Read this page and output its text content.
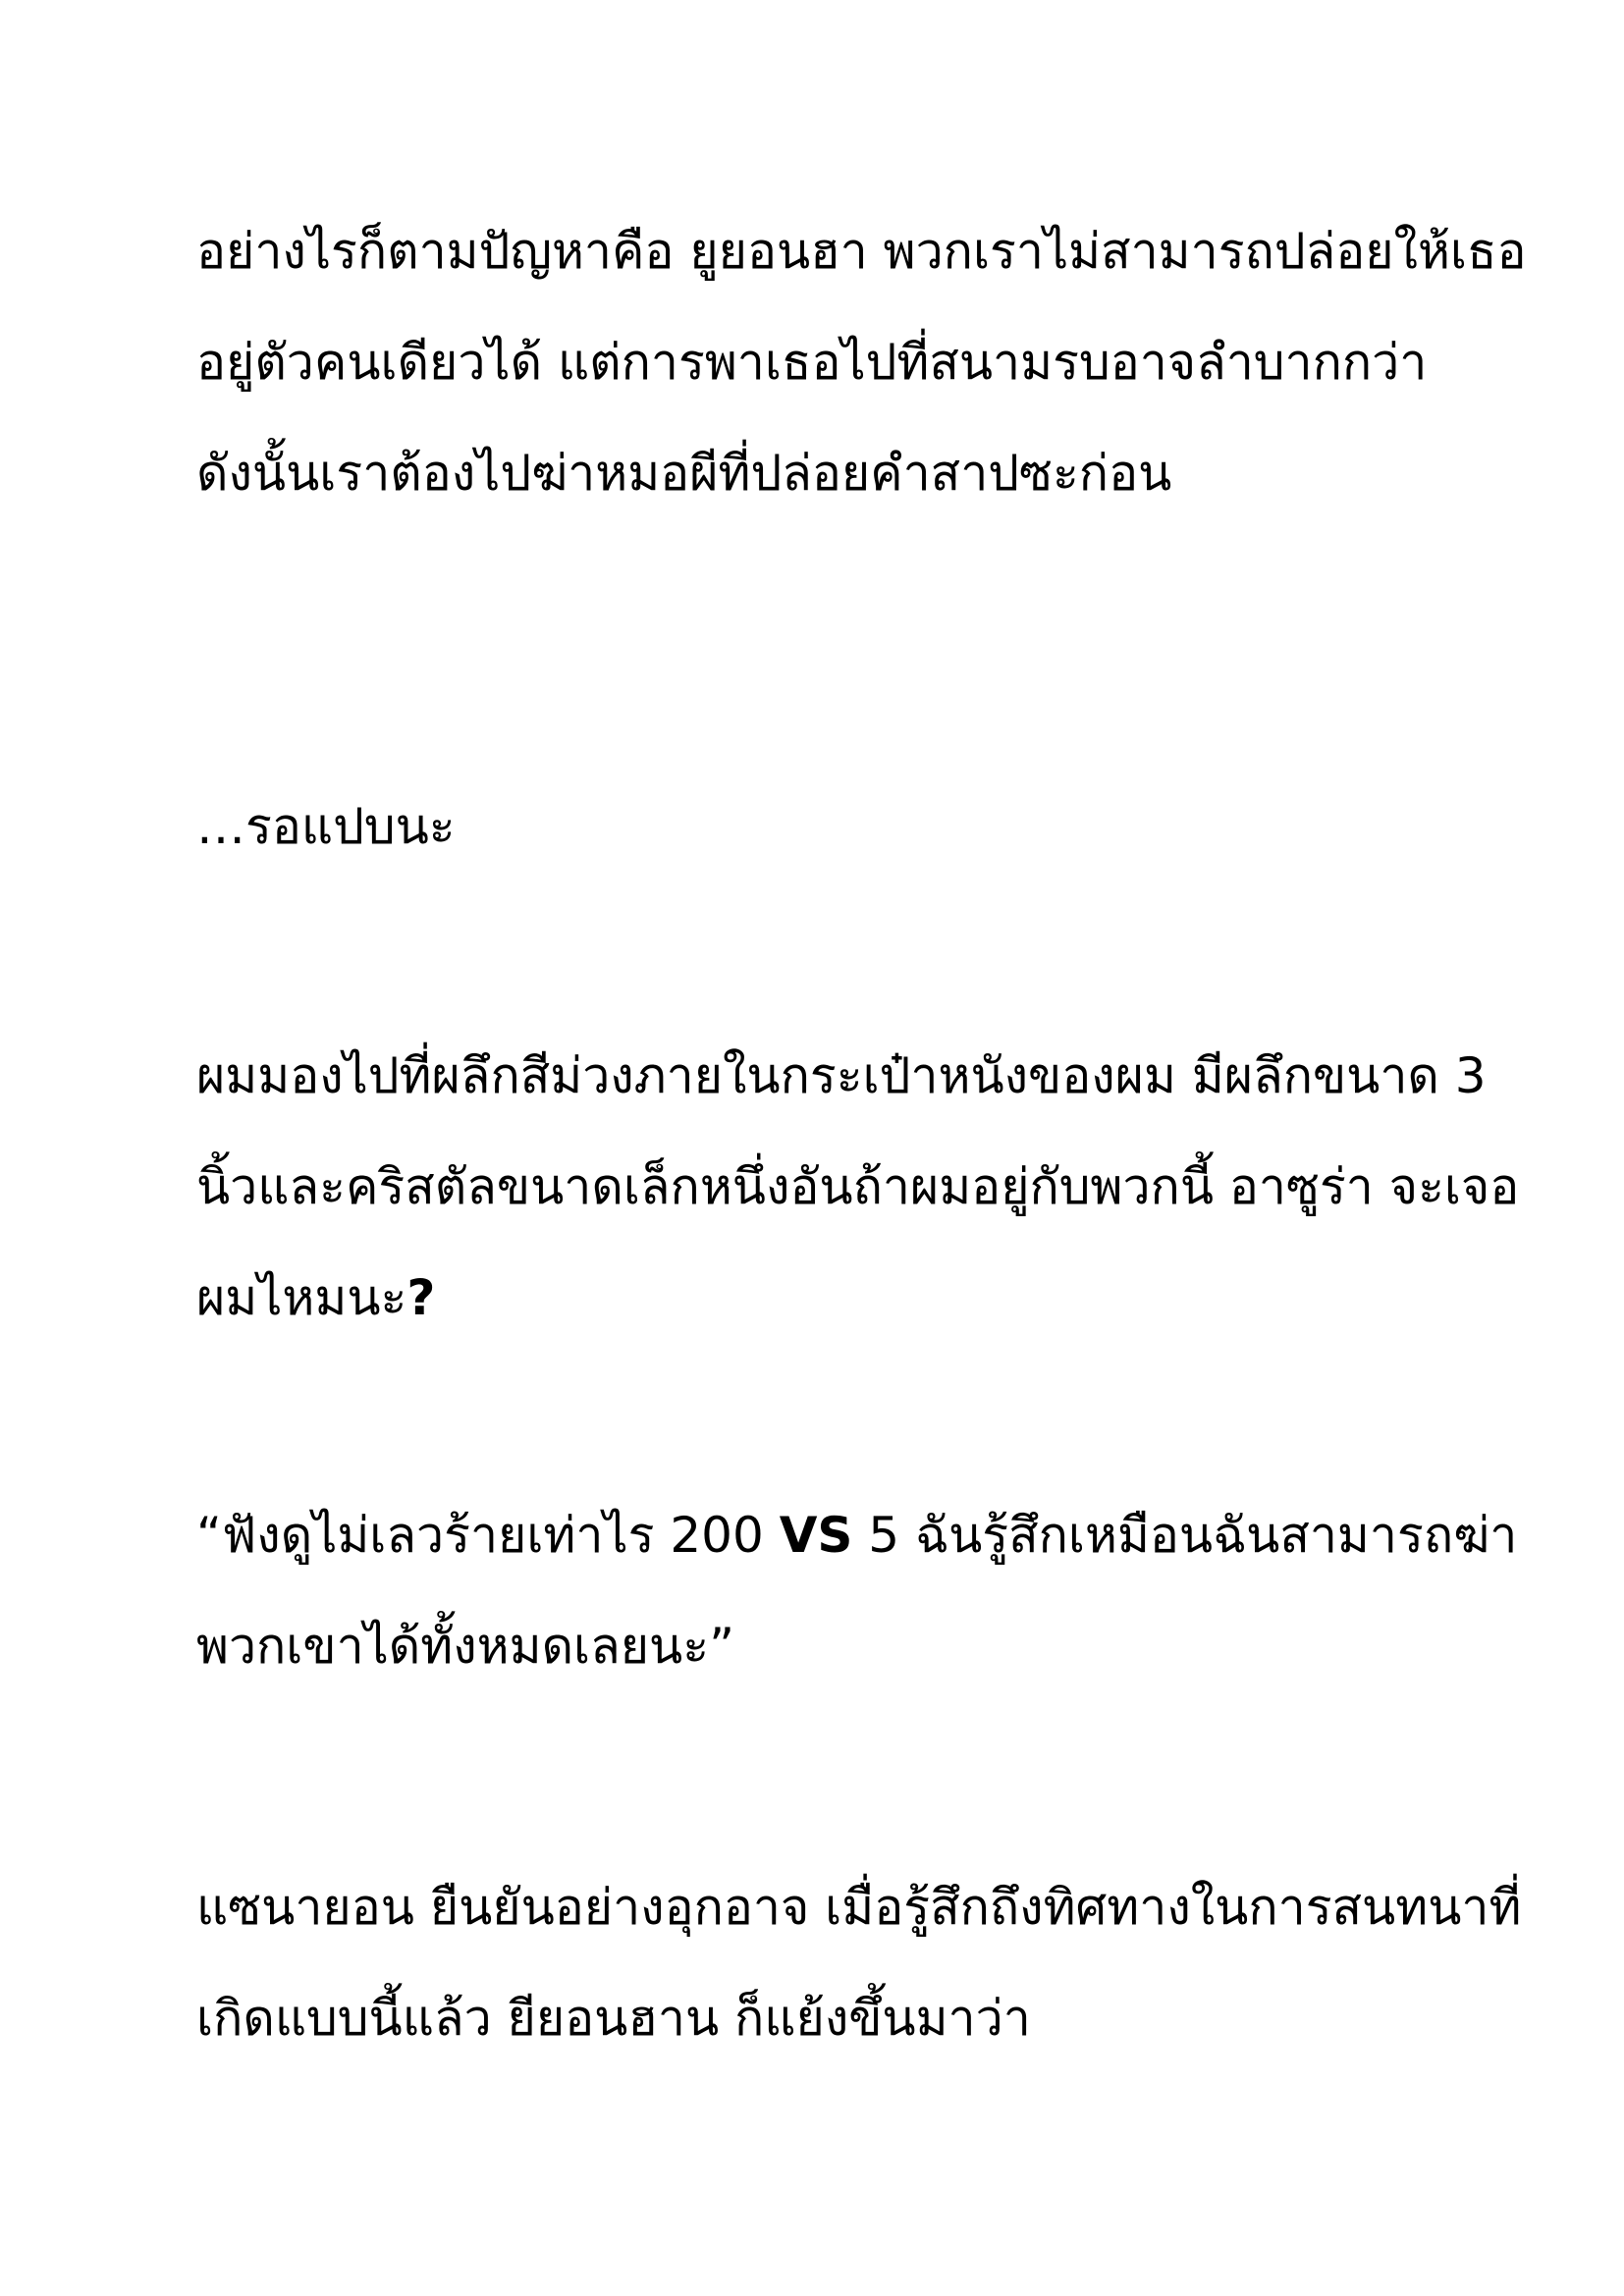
อย่างไรก็ตามปัญหาคือ ยูยอนฮา พวกเราไม่สามารถปล่อยให้เธอ
อยู่ตัวคนเดียวได้ แต่การพาเธอไปที่สนามรบอาจลำบากกว่า
ดังนั้นเราต้องไปฆ่าหมอผีที่ปล่อยคำสาปซะก่อน
…รอแปบนะ
ผมมองไปที่ผลึกสีม่วงภายในกระเป๋าหนังของผม มีผลึกขนาด 3
นิ้วและคริสตัลขนาดเล็กหนึ่งอันถ้าผมอยู่กับพวกนี้ อาซูร่า จะเจอ
ผมไหมนะ?
“ฟังดูไม่เลวร้ายเท่าไร 200 VS 5 ฉันรู้สึกเหมือนฉันสามารถฆ่า
พวกเขาได้ทั้งหมดเลยนะ”
แซนายอน ยืนยันอย่างอุกอาจ เมื่อรู้สึกถึงทิศทางในการสนทนาที่
เกิดแบบนี้แล้ว ยียอนฮาน ก็แย้งขึ้นมาว่า
